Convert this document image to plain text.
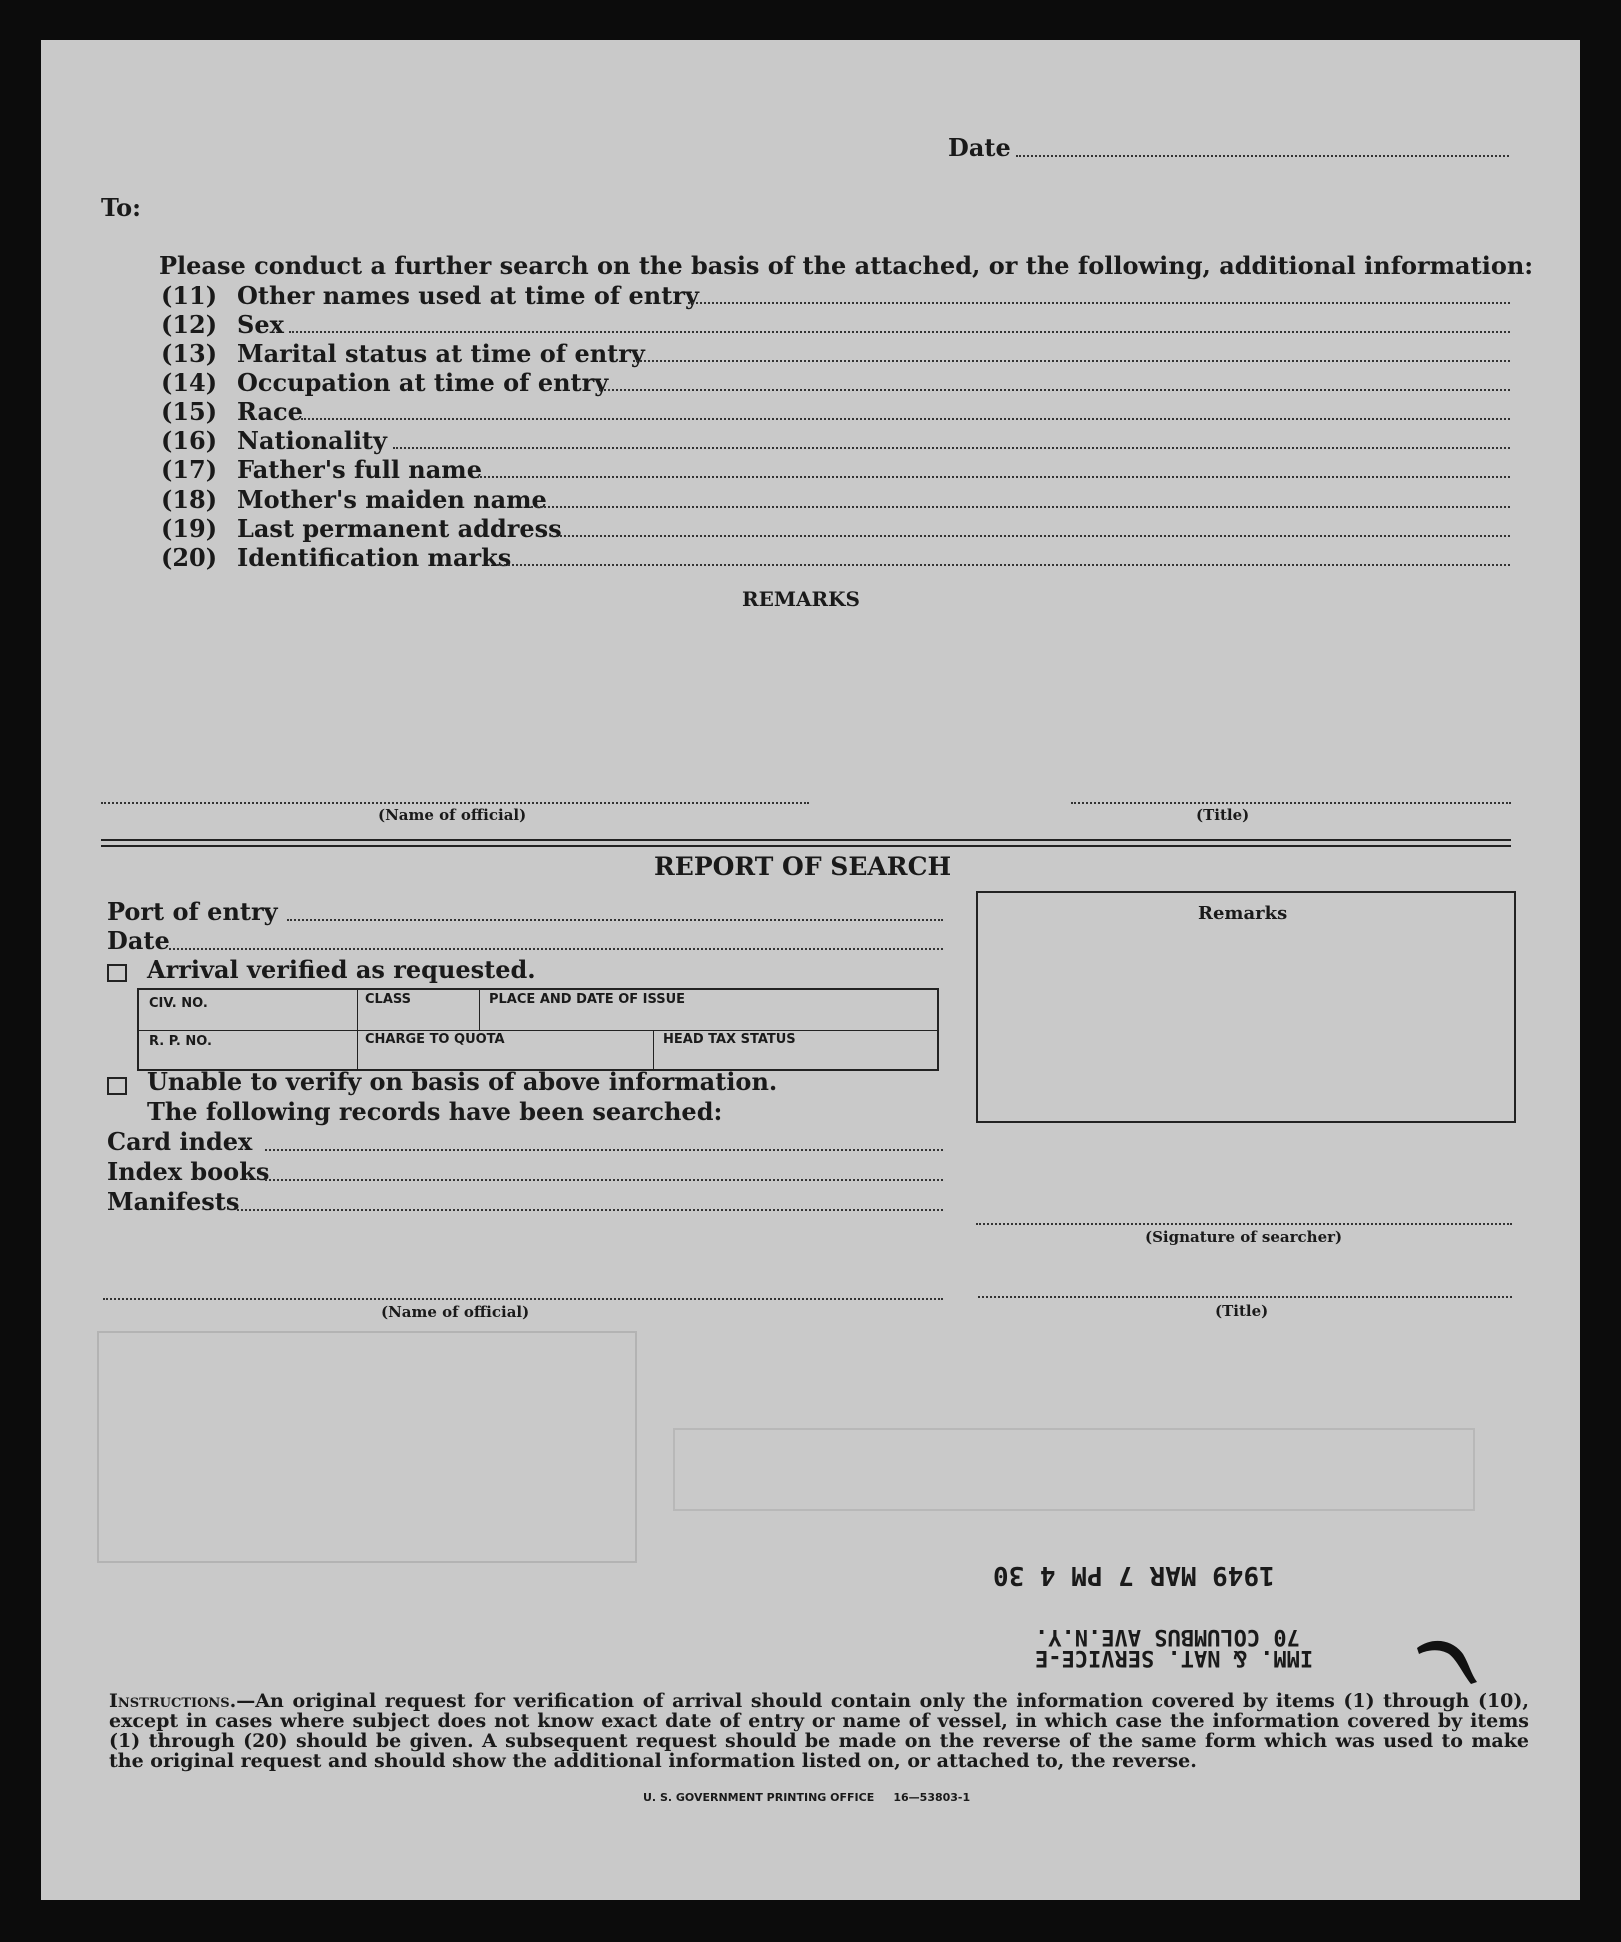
Date
To:
Please conduct a further search on the basis of the attached, or the following, additional information:
(11) Other names used at time of entry
(12) Sex
(13) Marital status at time of entry
(14) Occupation at time of entry
(15) Race
(16) Nationality
(17) Father's full name
(18) Mother's maiden name
(19) Last permanent address
(20) Identification marks
REMARKS
(Name of official)	(Title)
REPORT OF SEARCH
Port of entry
Date
Arrival verified as requested.
CIV. NO.	CLASS	PLACE AND DATE OF ISSUE
R. P. NO.	CHARGE TO QUOTA	HEAD TAX STATUS
Unable to verify on basis of above information.
The following records have been searched:
Card index
Index books
Manifests
Remarks
(Signature of searcher)
(Name of official)	(Title)
1949 MAR 7 PM 4 30
IMM. & NAT. SERVICE-E
70 COLUMBUS AVE.N.Y.
Instructions.—An original request for verification of arrival should contain only the information covered by items (1) through (10), except in cases where subject does not know exact date of entry or name of vessel, in which case the information covered by items (1) through (20) should be given. A subsequent request should be made on the reverse of the same form which was used to make the original request and should show the additional information listed on, or attached to, the reverse.
U. S. GOVERNMENT PRINTING OFFICE     16—53803-1
